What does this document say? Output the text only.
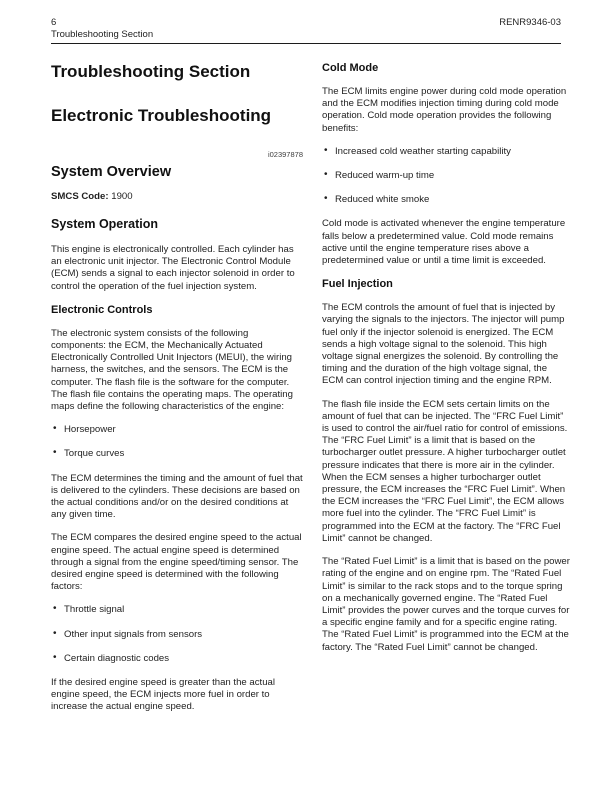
6
Troubleshooting Section
RENR9346-03
Troubleshooting Section
Electronic Troubleshooting
i02397878
System Overview
SMCS Code: 1900
System Operation

This engine is electronically controlled. Each cylinder has an electronic unit injector. The Electronic Control Module (ECM) sends a signal to each injector solenoid in order to control the operation of the fuel injection system.

Electronic Controls

The electronic system consists of the following components: the ECM, the Mechanically Actuated Electronically Controlled Unit Injectors (MEUI), the wiring harness, the switches, and the sensors. The ECM is the computer. The flash file is the software for the computer. The flash file contains the operating maps. The operating maps define the following characteristics of the engine:

• Horsepower
• Torque curves

The ECM determines the timing and the amount of fuel that is delivered to the cylinders. These decisions are based on the actual conditions and/or on the desired conditions at any given time.

The ECM compares the desired engine speed to the actual engine speed. The actual engine speed is determined through a signal from the engine speed/timing sensor. The desired engine speed is determined with the following factors:

• Throttle signal
• Other input signals from sensors
• Certain diagnostic codes

If the desired engine speed is greater than the actual engine speed, the ECM injects more fuel in order to increase the actual engine speed.

Cold Mode

The ECM limits engine power during cold mode operation and the ECM modifies injection timing during cold mode operation. Cold mode operation provides the following benefits:

• Increased cold weather starting capability
• Reduced warm-up time
• Reduced white smoke

Cold mode is activated whenever the engine temperature falls below a predetermined value. Cold mode remains active until the engine temperature rises above a predetermined value or until a time limit is exceeded.

Fuel Injection

The ECM controls the amount of fuel that is injected by varying the signals to the injectors. The injector will pump fuel only if the injector solenoid is energized. The ECM sends a high voltage signal to the solenoid. This high voltage signal energizes the solenoid. By controlling the timing and the duration of the high voltage signal, the ECM can control injection timing and the engine RPM.

The flash file inside the ECM sets certain limits on the amount of fuel that can be injected. The “FRC Fuel Limit” is used to control the air/fuel ratio for control of emissions. The “FRC Fuel Limit” is a limit that is based on the turbocharger outlet pressure. A higher turbocharger outlet pressure indicates that there is more air in the cylinder. When the ECM senses a higher turbocharger outlet pressure, the ECM increases the “FRC Fuel Limit”. When the ECM increases the “FRC Fuel Limit”, the ECM allows more fuel into the cylinder. The “FRC Fuel Limit” is programmed into the ECM at the factory. The “FRC Fuel Limit” cannot be changed.

The “Rated Fuel Limit” is a limit that is based on the power rating of the engine and on engine rpm. The “Rated Fuel Limit” is similar to the rack stops and to the torque spring on a mechanically governed engine. The “Rated Fuel Limit” provides the power curves and the torque curves for a specific engine family and for a specific engine rating. The “Rated Fuel Limit” is programmed into the ECM at the factory. The “Rated Fuel Limit” cannot be changed.
